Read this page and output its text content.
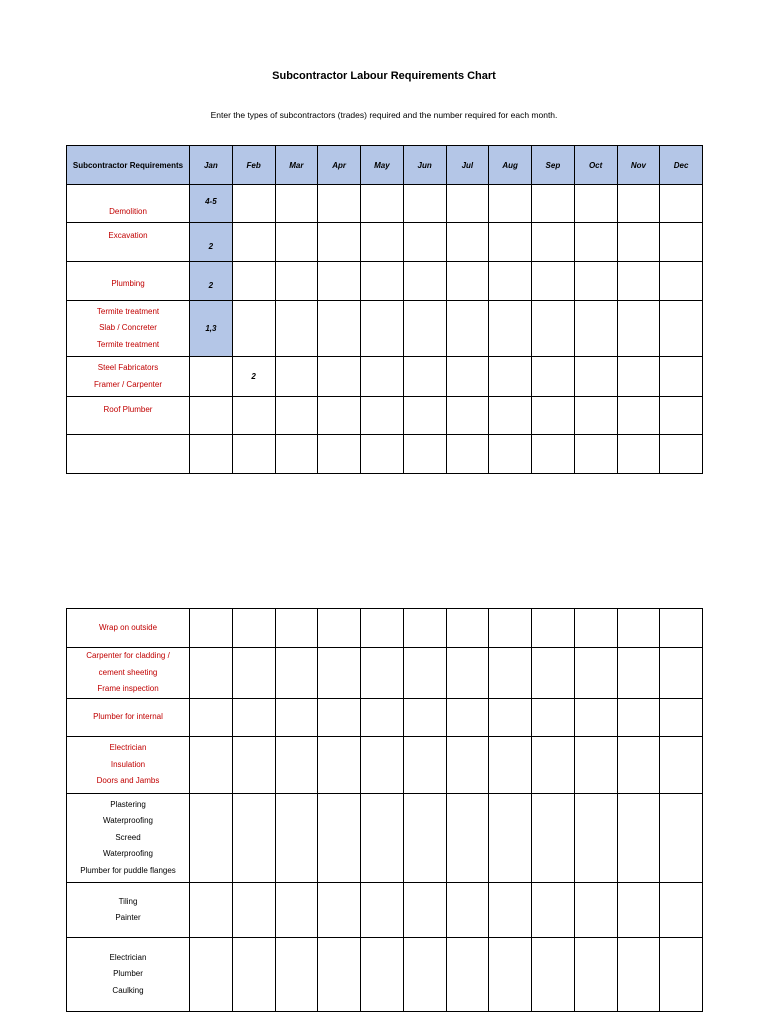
Subcontractor Labour Requirements Chart
Enter the types of subcontractors (trades) required and the number required for each month.
Subcontractor Requirements	Jan	Feb	Mar	Apr	May	Jun	Jul	Aug	Sep	Oct	Nov	Dec

Demolition	4-5											

Excavation	2											

Plumbing	2											

Termite treatment
Slab / Concreter
Termite treatment	1,3											

Steel Fabricators
Framer / Carpenter		2										

Roof Plumber												

Wrap on outside												

Carpenter for cladding /
cement sheeting
Frame inspection												

Plumber for internal												

Electrician
Insulation
Doors and Jambs												

Plastering
Waterproofing
Screed
Waterproofing
Plumber for puddle flanges												

Tiling
Painter												

Electrician
Plumber
Caulking												
